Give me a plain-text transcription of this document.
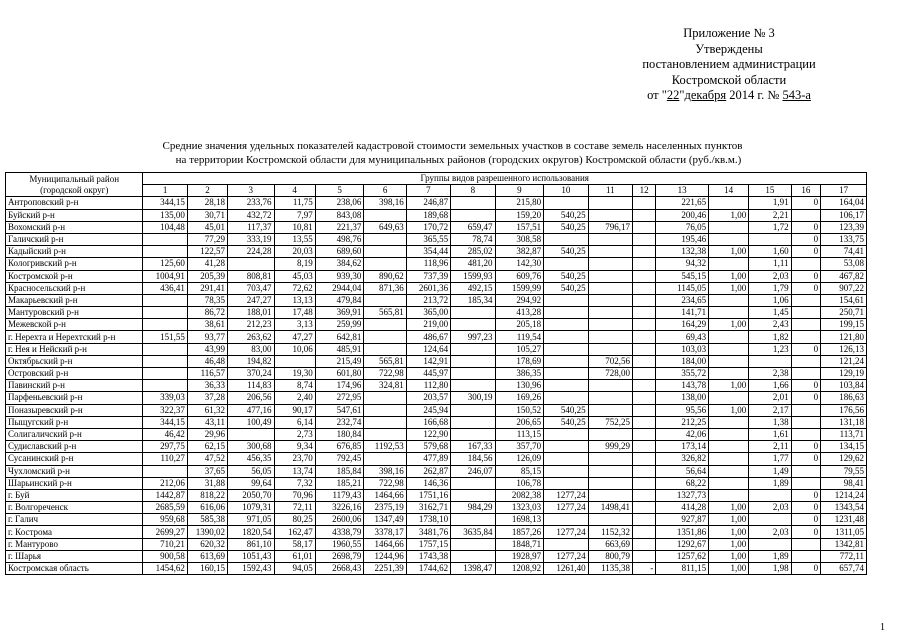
Приложение № 3
Утверждены
постановлением администрации
Костромской области
от "22"декабря 2014 г. № 543-а
Средние значения удельных показателей кадастровой стоимости земельных участков в составе земель населенных пунктов
на территории Костромской области для муниципальных районов (городских округов) Костромской области (руб./кв.м.)
Муниципальный район (городской округ)	Группы видов разрешенного использования																
	1	2	3	4	5	6	7	8	9	10	11	12	13	14	15	16	17
Антроповский р-н	344,15	28,18	233,76	11,75	238,06	398,16	246,87		215,80				221,65		1,91	0	164,04
Буйский р-н	135,00	30,71	432,72	7,97	843,08		189,68		159,20	540,25			200,46	1,00	2,21		106,17
Вохомский р-н	104,48	45,01	117,37	10,81	221,37	649,63	170,72	659,47	157,51	540,25	796,17		76,05		1,72	0	123,39
Галичский р-н		77,29	333,19	13,55	498,76		365,55	78,74	308,58				195,46			0	133,75
Кадыйский р-н		122,57	224,28	20,03	689,60		354,44	285,02	382,87	540,25			132,38	1,00	1,60	0	74,41
Кологривский р-н	125,60	41,28		8,19	384,62		118,96	481,20	142,30				94,32		1,11		53,08
Костромской р-н	1004,91	205,39	808,81	45,03	939,30	890,62	737,39	1599,93	609,76	540,25			545,15	1,00	2,03	0	467,82
Красносельский р-н	436,41	291,41	703,47	72,62	2944,04	871,36	2601,36	492,15	1599,99	540,25			1145,05	1,00	1,79	0	907,22
Макарьевский р-н		78,35	247,27	13,13	479,84		213,72	185,34	294,92				234,65		1,06		154,61
Мантуровский р-н		86,72	188,01	17,48	369,91	565,81	365,00		413,28				141,71		1,45		250,71
Межевской р-н		38,61	212,23	3,13	259,99		219,00		205,18				164,29	1,00	2,43		199,15
г. Нерехта и Нерехтский р-н	151,55	93,77	263,62	47,27	642,81		486,67	997,23	119,54				69,43		1,82		121,80
г. Нея и Нейский р-н		43,99	83,00	10,06	485,91		124,64		105,27				103,03		1,23	0	126,13
Октябрьский р-н		46,48	194,82		215,49	565,81	142,91		178,69		702,56		184,00				121,24
Островский р-н		116,57	370,24	19,30	601,80	722,98	445,97		386,35		728,00		355,72		2,38		129,19
Павинский р-н		36,33	114,83	8,74	174,96	324,81	112,80		130,96				143,78	1,00	1,66	0	103,84
Парфеньевский р-н	339,03	37,28	206,56	2,40	272,95		203,57	300,19	169,26				138,00		2,01	0	186,63
Поназыревский р-н	322,37	61,32	477,16	90,17	547,61		245,94		150,52	540,25			95,56	1,00	2,17		176,56
Пыщугский р-н	344,15	43,11	100,49	6,14	232,74		166,68		206,65	540,25	752,25		212,25		1,38		131,18
Солигаличский р-н	46,42	29,96		2,73	180,84		122,90		113,15				42,06		1,61		113,71
Судиславский р-н	297,75	62,15	300,68	9,34	676,85	1192,53	579,68	167,33	357,70		999,29		173,14		2,11	0	134,15
Сусанинский р-н	110,27	47,52	456,35	23,70	792,45		477,89	184,56	126,09				326,82		1,77	0	129,62
Чухломский р-н		37,65	56,05	13,74	185,84	398,16	262,87	246,07	85,15				56,64		1,49		79,55
Шарьинский р-н	212,06	31,88	99,64	7,32	185,21	722,98	146,36		106,78				68,22		1,89		98,41
г. Буй	1442,87	818,22	2050,70	70,96	1179,43	1464,66	1751,16		2082,38	1277,24			1327,73			0	1214,24
г. Волгореченск	2685,59	616,06	1079,31	72,11	3226,16	2375,19	3162,71	984,29	1323,03	1277,24	1498,41		414,28	1,00	2,03	0	1343,54
г. Галич	959,68	585,38	971,05	80,25	2600,06	1347,49	1738,10		1698,13				927,87	1,00		0	1231,48
г. Кострома	2699,27	1390,02	1820,54	162,47	4338,79	3378,17	3481,76	3635,84	1857,26	1277,24	1152,32		1351,86	1,00	2,03	0	1311,05
г. Мантурово	710,21	620,32	861,10	58,17	1960,55	1464,66	1757,15		1848,71		663,69		1292,67	1,00			1342,81
г. Шарья	900,58	613,69	1051,43	61,01	2698,79	1244,96	1743,38		1928,97	1277,24	800,79		1257,62	1,00	1,89		772,11
Костромская область	1454,62	160,15	1592,43	94,05	2668,43	2251,39	1744,62	1398,47	1208,92	1261,40	1135,38	-	811,15	1,00	1,98	0	657,74
1
